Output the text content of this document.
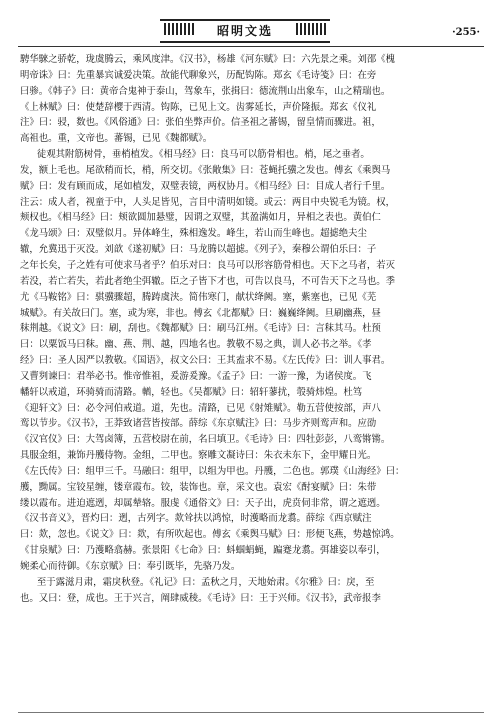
昭明文选	·255·
騁华騋之骄乾，珑虞腾云，乘风度津。《汉书》，杨雄《河东赋》曰：六先景之乘。刘邵《槐
明帝诛》曰：先重暴宾诚爱决策。故能代聊象兴，历配钩陈。郑玄《毛诗笺》曰：在旁
曰骖。《韩子》曰：黄帝合鬼神于泰山，驾象车，张揖曰：德流荆山出象车，山之精瑞也。
《上林赋》曰：使楚辞樱于西清。钩陈，已见上文。齿雾延长，声价隆振。郑玄《仪礼
注》曰：骎，数也。《风俗通》曰：张伯坐弊声价。信圣祖之蕃锡，留皇情而骤进。祖，
高祖也。重，文帝也。蕃锡，已见《魏都赋》。
徒观其附筋树骨，垂梢植发。《相马经》曰：良马可以筋骨相也。梢，尾之垂者。
发，额上毛也。尾欲稍而长，梢，所交切。《张敞集》曰：苍蝇托骥之发也。傅玄《乘舆马
赋》曰：发有顾而成，尾如植发，双璧表镜，两权协月。《相马经》曰：目成人者行千里。
注云：成人者，视童于中，人头足皆见，言目中清明如镜。或云：两目中央锐毛为镜。权，
颊权也。《相马经》曰：颊欲圆加悬璧，因谓之双璧，其盈满如月，异相之表也。黄伯仁
《龙马颂》曰：双璧似月。异体峰生，殊相逸发。峰生，若山而生峰也。超摅绝夫尘
辙，允冀迅于灭没。刘歆《遂初赋》曰：马龙腾以超摅。《列子》，秦穆公谓伯乐曰：子
之年长矣，子之姓有可使求马者乎？伯乐对曰：良马可以形容筋骨相也。天下之马者，若灭
若没，若亡若失，若此者绝尘弭辙。臣之子皆下才也，可告以良马，不可告天下之马也。季
尤《马鞍铭》曰：骐骥骤超，腾踌虞浃。简伟寒门，献状绛阙。塞，紫塞也，已见《芜
城赋》。有关故曰门。塞，或为寒，非也。傅玄《北都赋》曰：巍巍绛阙。旦刷幽燕，昼
秣荆越。《说文》曰：刷，刮也。《魏都赋》曰：刷马江州。《毛诗》曰：言秣其马。杜预
曰：以粟饭马曰秣。幽、燕、荆、越，四地名也。教敬不易之典，训人必书之举。《孝
经》曰：圣人因严以教敬。《国语》，叔文公曰：王其盍求不易。《左氏传》曰：训人事君。
又曹刿谏曰：君举必书。惟帝惟祖，爰游爰豫。《孟子》曰：一游一豫，为诸侯度。飞
轓轩以戒道，环骑骑而清路。輶，轻也。《吴都赋》曰：轺轩蓼扰，彀骑炜煌。杜笃
《迎轩文》曰：必令河伯戒道。道，先也。清路，已见《射雉赋》。勒五营使按部，声八
鸾以节步。《汉书》，王莽致诸营皆按部。薛综《东京赋注》曰：马步齐则鸾声和。应劭
《汉官仪》曰：大驾卤簿，五营校尉在前，名曰填卫。《毛诗》曰：四牡彭彭，八鸾锵锵。
具服金组，兼饰丹雘侍物。金组，二甲也。察雕文凝诗曰：朱衣未东下，金甲耀日光。
《左氏传》曰：组甲三千。马融曰：组甲，以组为甲也。丹雘，二色也。郭璞《山海经》曰：
雘，黝属。宝铰星缠，镂章霞布。铰，装饰也。章，采文也。袁宏《酎宴赋》曰：朱带
缕以霞布。进迫遮迾，却属辇辂。服虔《通俗文》曰：天子出，虎贲伺非常，谓之遮迾。
《汉书音义》，晋灼曰：迾，古列字。欻耸扶以鸿惊，时濩略而龙翥。薛综《西京赋注
曰：欻，忽也。《说文》曰：欻，有所吹起也。傅玄《乘舆马赋》曰：形便飞燕，势越惊鸿。
《甘泉赋》曰：乃濩略翕赫。张景阳《七命》曰：蚪蝈蜎蝇，蹁蹇龙翥。弭雄姿以奉引，
婉柔心而待御。《东京赋》曰：奉引既毕，先骆乃发。
至于露滋月肃，霜戾秋登。《礼记》曰：孟秋之月，天地始肃。《尔雅》曰：戾，至
也。又曰：登，成也。王于兴言，阐肆威稜。《毛诗》曰：王于兴师。《汉书》，武帝报李
